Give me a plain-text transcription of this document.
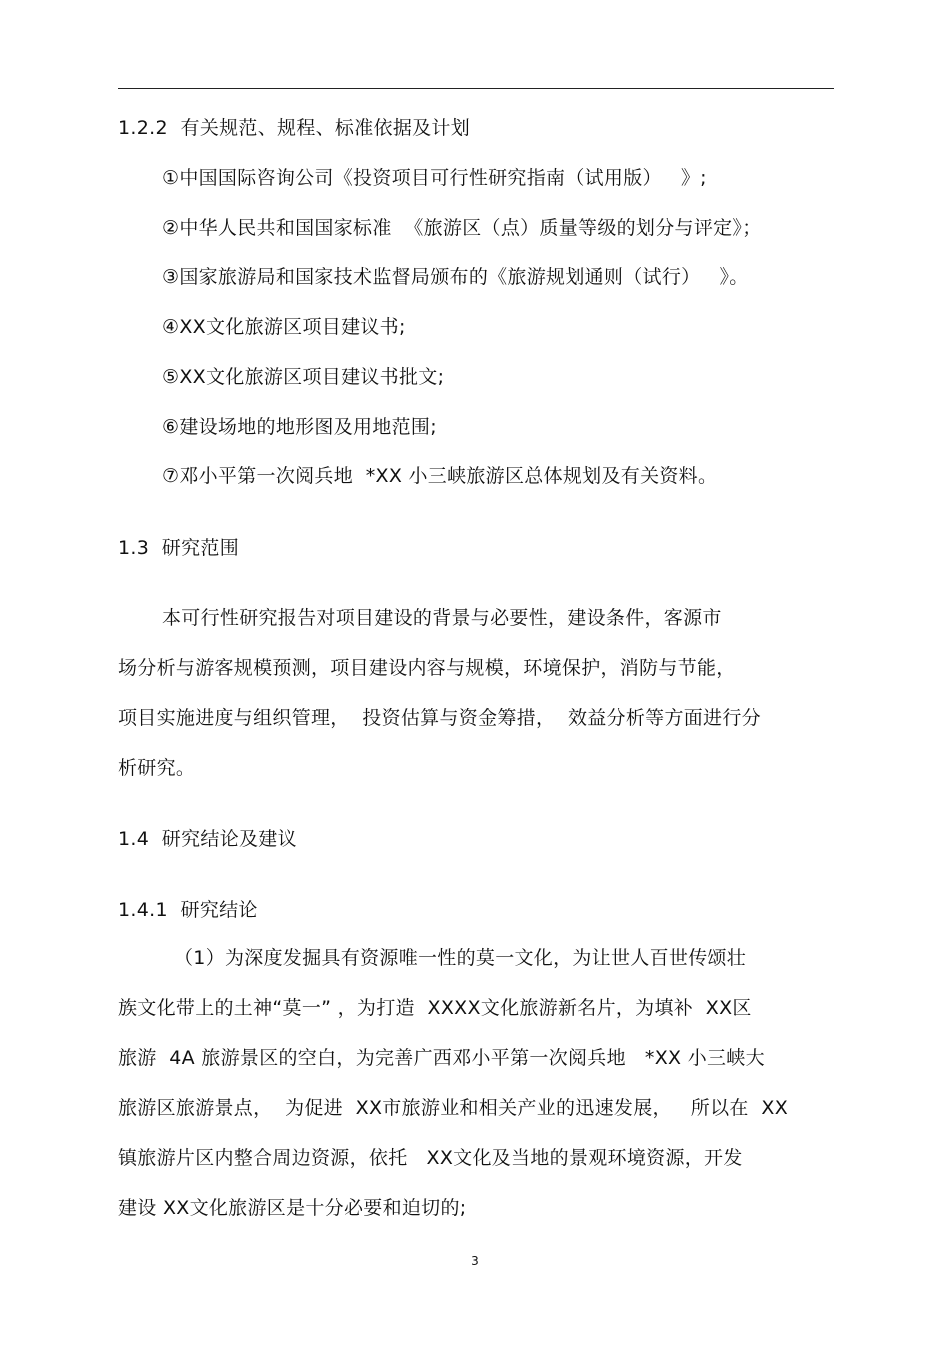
1.2.2  有关规范、规程、标准依据及计划
①中国国际咨询公司《投资项目可行性研究指南（试用版）   》;
②中华人民共和国国家标准  《旅游区（点）质量等级的划分与评定》；
③国家旅游局和国家技术监督局颁布的《旅游规划通则（试行）   》。
④XX文化旅游区项目建议书;
⑤XX文化旅游区项目建议书批文;
⑥建设场地的地形图及用地范围;
⑦邓小平第一次阅兵地  *XX 小三峡旅游区总体规划及有关资料。
1.3  研究范围
本可行性研究报告对项目建设的背景与必要性，建设条件，客源市
场分析与游客规模预测，项目建设内容与规模，环境保护，消防与节能，
项目实施进度与组织管理，  投资估算与资金筹措，  效益分析等方面进行分
析研究。
1.4  研究结论及建议
1.4.1  研究结论
（1）为深度发掘具有资源唯一性的莫一文化，为让世人百世传颂壮
族文化带上的土神“莫一” ，为打造  XXXX文化旅游新名片，为填补  XX区
旅游  4A 旅游景区的空白，为完善广西邓小平第一次阅兵地   *XX 小三峡大
旅游区旅游景点，  为促进  XX市旅游业和相关产业的迅速发展，   所以在  XX
镇旅游片区内整合周边资源，依托   XX文化及当地的景观环境资源，开发
建设 XX文化旅游区是十分必要和迫切的;
3
